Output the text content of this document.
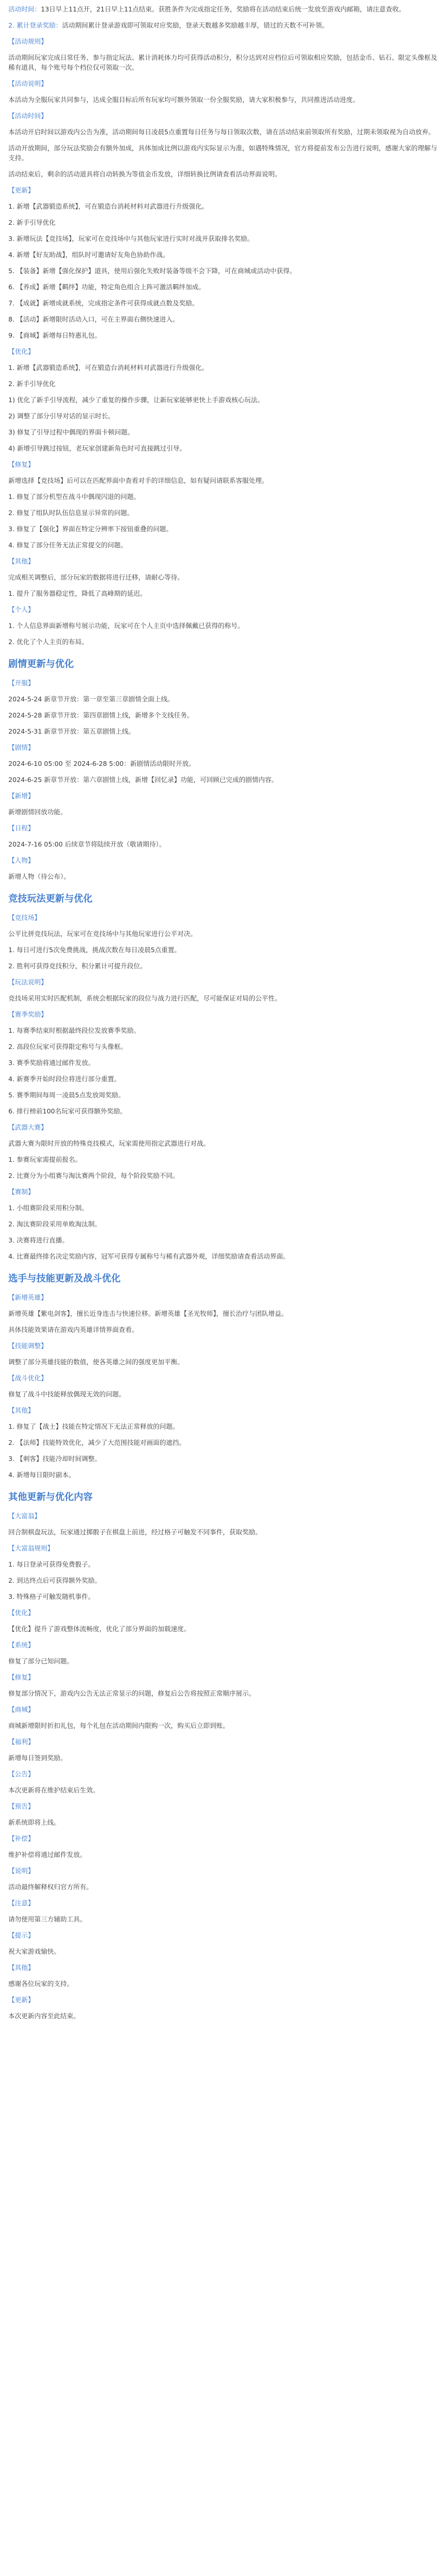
活动时间：13日早上11点开，21日早上11点结束。获胜条件为完成指定任务，奖励将在活动结束后统一发放至游戏内邮箱，请注意查收。

2. 累计登录奖励：活动期间累计登录游戏即可领取对应奖励，登录天数越多奖励越丰厚，错过的天数不可补领。

【活动规则】

活动期间玩家完成日常任务、参与指定玩法、累计消耗体力均可获得活动积分，积分达到对应档位后可领取相应奖励，包括金币、钻石、限定头像框及稀有道具，每个账号每个档位仅可领取一次。

【活动说明】

本活动为全服玩家共同参与，达成全服目标后所有玩家均可额外领取一份全服奖励，请大家积极参与，共同推进活动进度。

【活动时间】

本活动开启时间以游戏内公告为准，活动期间每日凌晨5点重置每日任务与每日领取次数，请在活动结束前领取所有奖励，过期未领取视为自动放弃。

活动开放期间，部分玩法奖励会有额外加成，具体加成比例以游戏内实际显示为准，如遇特殊情况，官方将提前发布公告进行说明，感谢大家的理解与支持。

活动结束后，剩余的活动道具将自动转换为等值金币发放，详细转换比例请查看活动界面说明。

【更新】

1. 新增【武器锻造系统】，可在锻造台消耗材料对武器进行升级强化。

2. 新手引导优化

3. 新增玩法【竞技场】，玩家可在竞技场中与其他玩家进行实时对战并获取排名奖励。

4. 新增【好友助战】，组队时可邀请好友角色协助作战。

5. 【装备】新增【强化保护】道具，使用后强化失败时装备等级不会下降，可在商城或活动中获得。

6. 【养成】新增【羁绊】功能，特定角色组合上阵可激活羁绊加成。

7. 【成就】新增成就系统，完成指定条件可获得成就点数及奖励。

8. 【活动】新增限时活动入口，可在主界面右侧快速进入。

9. 【商城】新增每日特惠礼包。

【优化】

1. 新增【武器锻造系统】，可在锻造台消耗材料对武器进行升级强化。

2. 新手引导优化

1) 优化了新手引导流程，减少了重复的操作步骤，让新玩家能够更快上手游戏核心玩法。

2) 调整了部分引导对话的显示时长。

3) 修复了引导过程中偶现的界面卡顿问题。

4) 新增引导跳过按钮，老玩家创建新角色时可直接跳过引导。

【修复】

新增选择【竞技场】后可以在匹配界面中查看对手的详细信息，如有疑问请联系客服处理。

1. 修复了部分机型在战斗中偶现闪退的问题。

2. 修复了组队时队伍信息显示异常的问题。

3. 修复了【强化】界面在特定分辨率下按钮重叠的问题。

4. 修复了部分任务无法正常提交的问题。

【其他】

完成相关调整后，部分玩家的数据将进行迁移，请耐心等待。

1. 提升了服务器稳定性，降低了高峰期的延迟。

【个人】

1. 个人信息界面新增称号展示功能，玩家可在个人主页中选择佩戴已获得的称号。

2. 优化了个人主页的布局。

剧情更新与优化
【开服】

2024-5-24 新章节开放：第一章至第三章剧情全面上线。

2024-5-28 新章节开放：第四章剧情上线，新增多个支线任务。

2024-5-31 新章节开放：第五章剧情上线。

【剧情】

2024-6-10 05:00 至 2024-6-28 5:00：新剧情活动限时开放。

2024-6-25 新章节开放：第六章剧情上线，新增【回忆录】功能，可回顾已完成的剧情内容。

【新增】

新增剧情回放功能。

【日程】

2024-7-16 05:00 后续章节将陆续开放（敬请期待）。

【人物】

新增人物（待公布）。

竞技玩法更新与优化
【竞技场】

公平比拼竞技玩法，玩家可在竞技场中与其他玩家进行公平对决。

1. 每日可进行5次免费挑战，挑战次数在每日凌晨5点重置。

2. 胜利可获得竞技积分，积分累计可提升段位。

【玩法说明】

竞技场采用实时匹配机制，系统会根据玩家的段位与战力进行匹配，尽可能保证对局的公平性。

【赛季奖励】

1. 每赛季结束时根据最终段位发放赛季奖励。

2. 高段位玩家可获得限定称号与头像框。

3. 赛季奖励将通过邮件发放。

4. 新赛季开始时段位将进行部分重置。

5. 赛季期间每周一凌晨5点发放周奖励。

6. 排行榜前100名玩家可获得额外奖励。

【武器大赛】

武器大赛为限时开放的特殊竞技模式，玩家需使用指定武器进行对战。

1. 参赛玩家需提前报名。

2. 比赛分为小组赛与淘汰赛两个阶段，每个阶段奖励不同。

【赛制】

1. 小组赛阶段采用积分制。

2. 淘汰赛阶段采用单败淘汰制。

3. 决赛将进行直播。

4. 比赛最终排名决定奖励内容，冠军可获得专属称号与稀有武器外观，详细奖励请查看活动界面。

选手与技能更新及战斗优化
【新增英雄】

新增英雄【紫电剑客】，擅长近身连击与快速位移。新增英雄【圣光牧师】，擅长治疗与团队增益。

具体技能效果请在游戏内英雄详情界面查看。

【技能调整】

调整了部分英雄技能的数值，使各英雄之间的强度更加平衡。

【战斗优化】

修复了战斗中技能释放偶现无效的问题。

【其他】

1. 修复了【战士】技能在特定情况下无法正常释放的问题。

2. 【法师】技能特效优化，减少了大范围技能对画面的遮挡。

3. 【刺客】技能冷却时间调整。

4. 新增每日限时副本。

其他更新与优化内容
【大富翁】

回合制棋盘玩法，玩家通过掷骰子在棋盘上前进，经过格子可触发不同事件，获取奖励。

【大富翁规则】

1. 每日登录可获得免费骰子。

2. 到达终点后可获得额外奖励。

3. 特殊格子可触发随机事件。

【优化】

【优化】提升了游戏整体流畅度，优化了部分界面的加载速度。

【系统】

修复了部分已知问题。

【修复】

修复部分情况下，游戏内公告无法正常显示的问题，修复后公告将按照正常顺序展示。

【商城】

商城新增限时折扣礼包，每个礼包在活动期间内限购一次，购买后立即到账。

【福利】

新增每日签到奖励。

【公告】

本次更新将在维护结束后生效。

【预告】

新系统即将上线。

【补偿】

维护补偿将通过邮件发放。

【说明】

活动最终解释权归官方所有。

【注意】

请勿使用第三方辅助工具。

【提示】

祝大家游戏愉快。

【其他】

感谢各位玩家的支持。

【更新】

本次更新内容至此结束。
